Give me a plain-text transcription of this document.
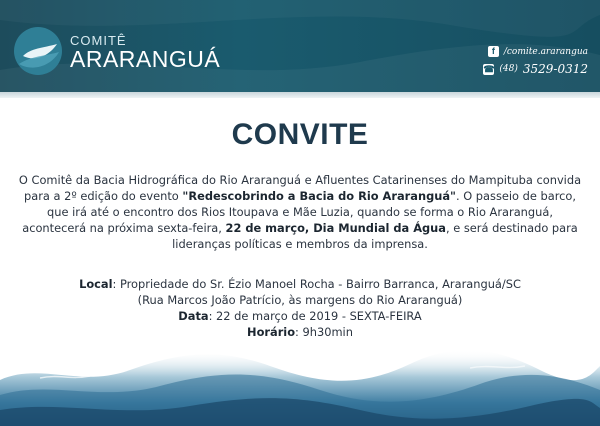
COMITÊ
ARARANGUÁ	f	/comite.ararangua
☎ (48) 3529-0312
CONVITE

O Comitê da Bacia Hidrográfica do Rio Araranguá e Afluentes Catarinenses do Mampituba convida para a 2º edição do evento "Redescobrindo a Bacia do Rio Araranguá". O passeio de barco, que irá até o encontro dos Rios Itoupava e Mãe Luzia, quando se forma o Rio Araranguá, acontecerá na próxima sexta-feira, 22 de março, Dia Mundial da Água, e será destinado para lideranças políticas e membros da imprensa.

Local: Propriedade do Sr. Ézio Manoel Rocha - Bairro Barranca, Araranguá/SC
(Rua Marcos João Patrício, às margens do Rio Araranguá)
Data: 22 de março de 2019 - SEXTA-FEIRA
Horário: 9h30min
